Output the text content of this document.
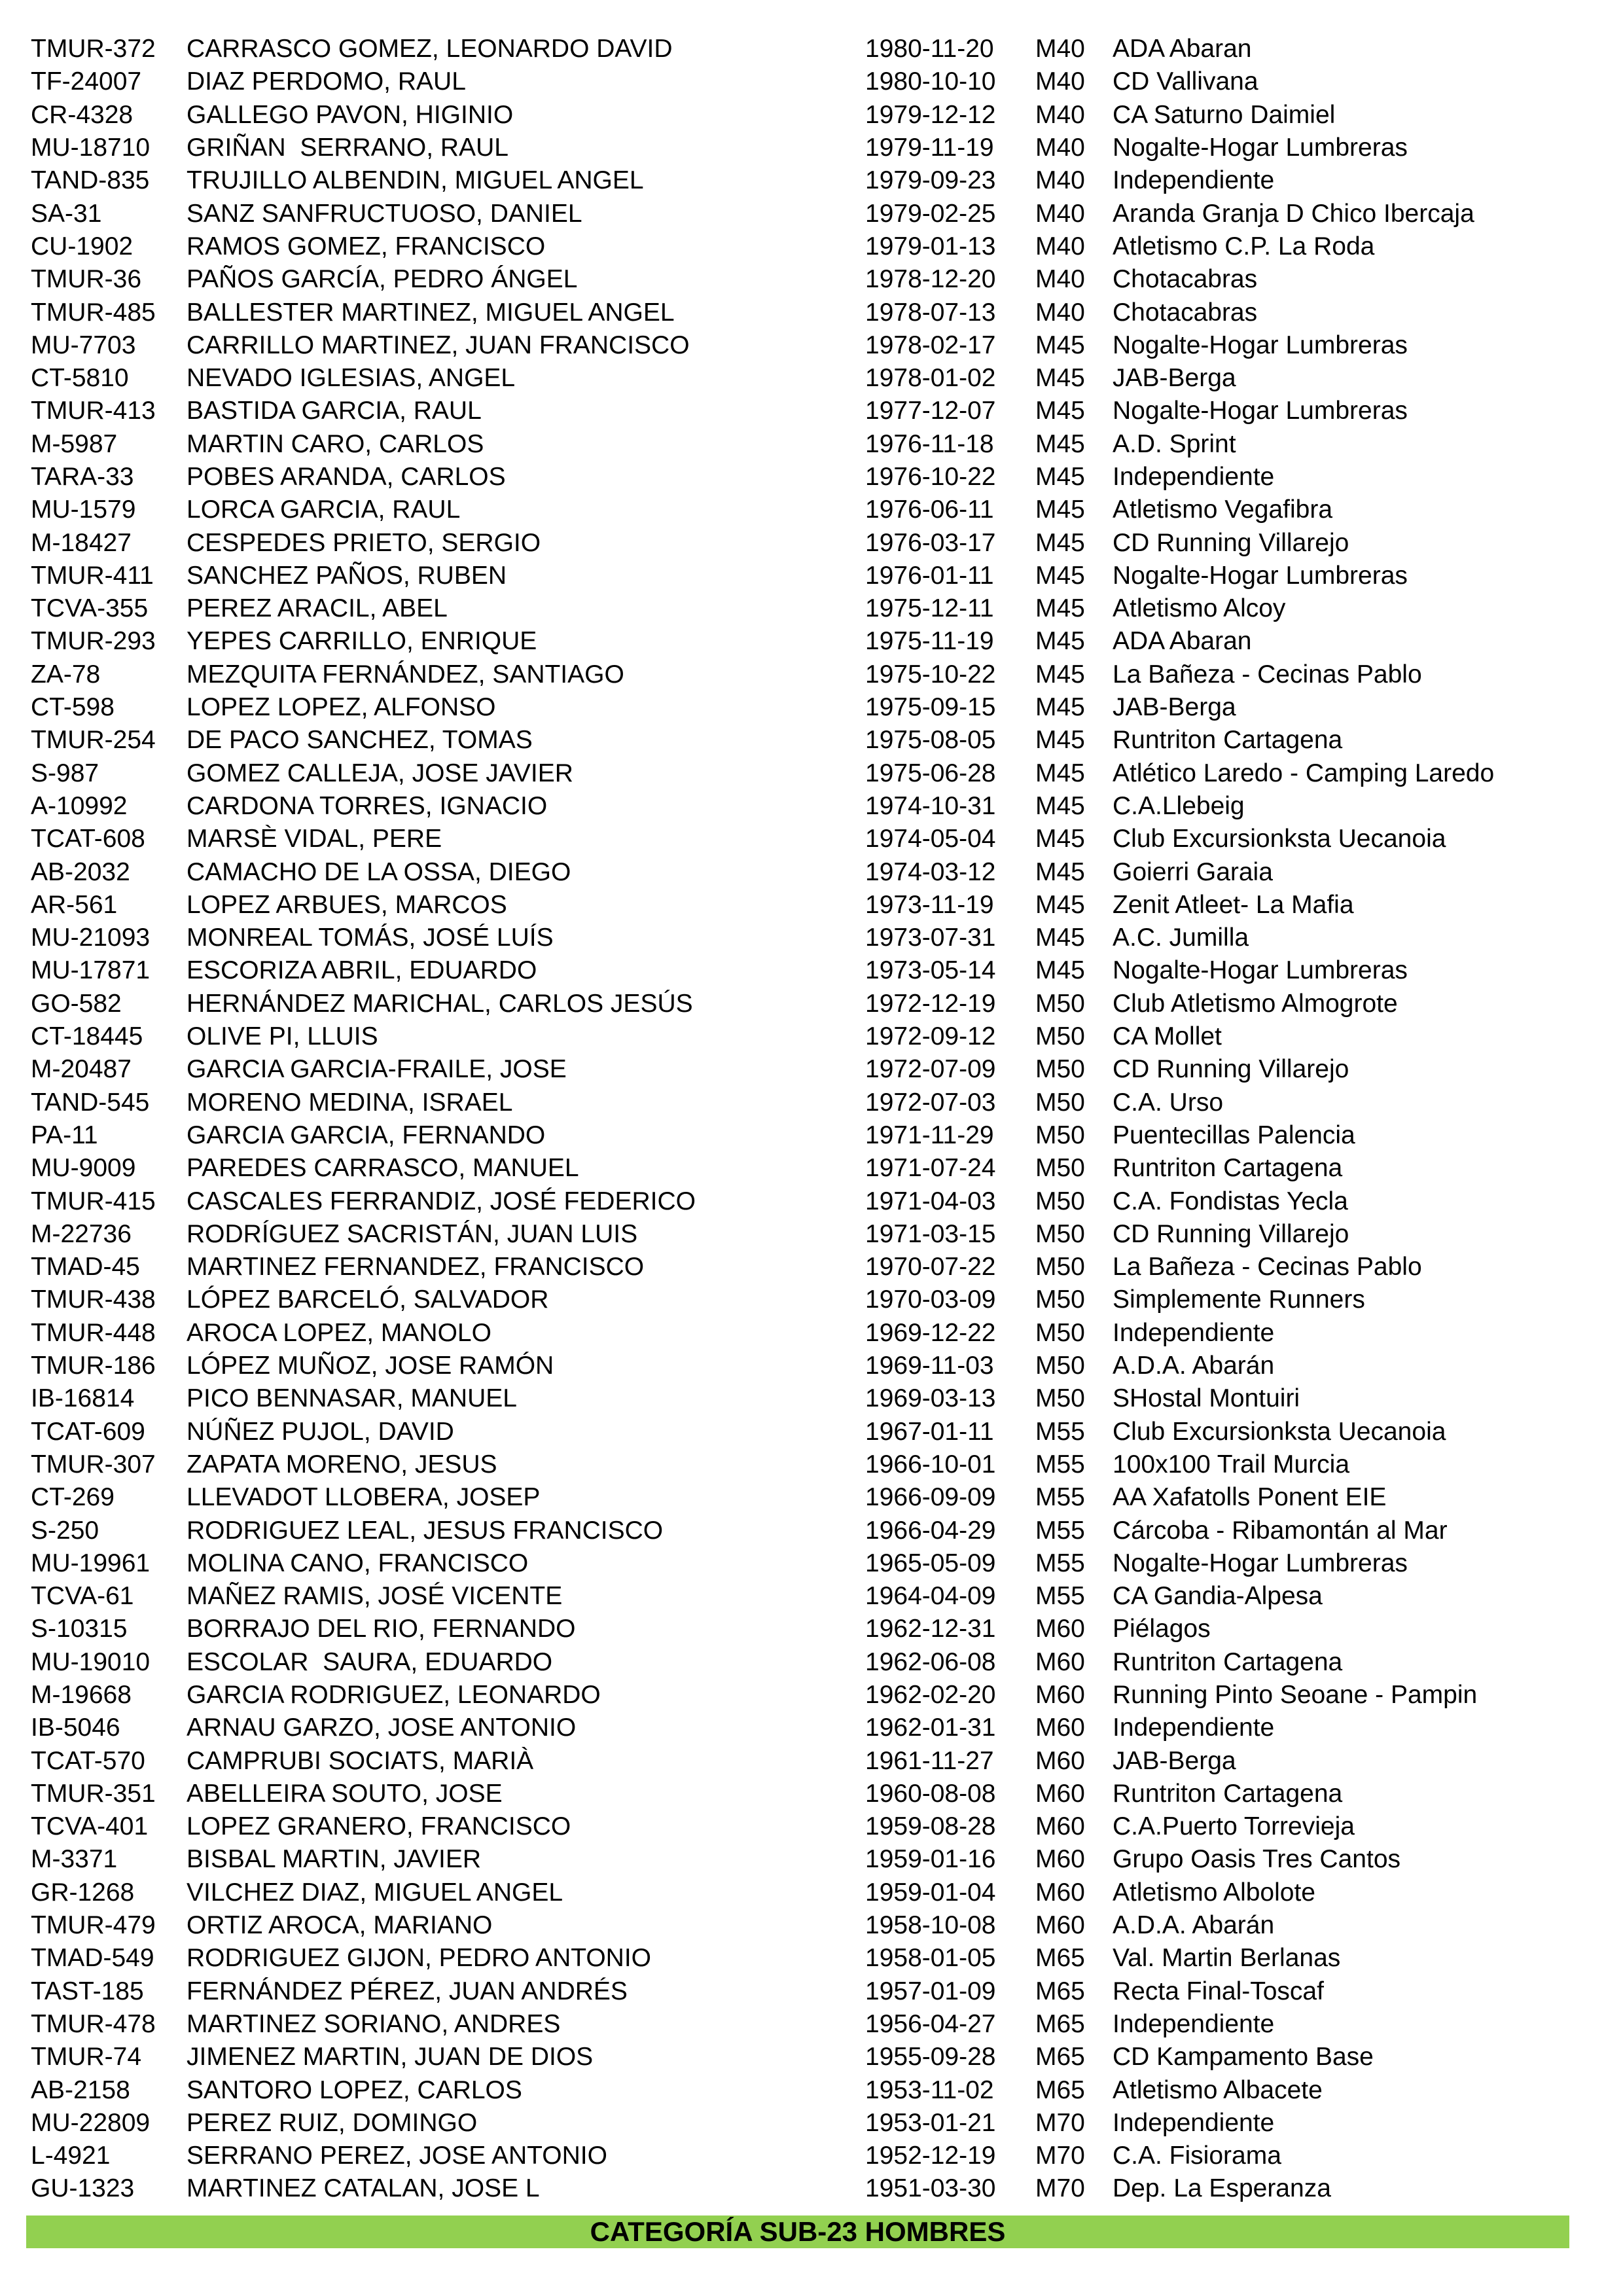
TMUR-372	CARRASCO GOMEZ, LEONARDO DAVID	1980-11-20	M40	ADA Abaran
TF-24007	DIAZ PERDOMO, RAUL	1980-10-10	M40	CD Vallivana
CR-4328	GALLEGO PAVON, HIGINIO	1979-12-12	M40	CA Saturno Daimiel
MU-18710	GRIÑAN  SERRANO, RAUL	1979-11-19	M40	Nogalte-Hogar Lumbreras
TAND-835	TRUJILLO ALBENDIN, MIGUEL ANGEL	1979-09-23	M40	Independiente
SA-31	SANZ SANFRUCTUOSO, DANIEL	1979-02-25	M40	Aranda Granja D Chico Ibercaja
CU-1902	RAMOS GOMEZ, FRANCISCO	1979-01-13	M40	Atletismo C.P. La Roda
TMUR-36	PAÑOS GARCÍA, PEDRO ÁNGEL	1978-12-20	M40	Chotacabras
TMUR-485	BALLESTER MARTINEZ, MIGUEL ANGEL	1978-07-13	M40	Chotacabras
MU-7703	CARRILLO MARTINEZ, JUAN FRANCISCO	1978-02-17	M45	Nogalte-Hogar Lumbreras
CT-5810	NEVADO IGLESIAS, ANGEL	1978-01-02	M45	JAB-Berga
TMUR-413	BASTIDA GARCIA, RAUL	1977-12-07	M45	Nogalte-Hogar Lumbreras
M-5987	MARTIN CARO, CARLOS	1976-11-18	M45	A.D. Sprint
TARA-33	POBES ARANDA, CARLOS	1976-10-22	M45	Independiente
MU-1579	LORCA GARCIA, RAUL	1976-06-11	M45	Atletismo Vegafibra
M-18427	CESPEDES PRIETO, SERGIO	1976-03-17	M45	CD Running Villarejo
TMUR-411	SANCHEZ PAÑOS, RUBEN	1976-01-11	M45	Nogalte-Hogar Lumbreras
TCVA-355	PEREZ ARACIL, ABEL	1975-12-11	M45	Atletismo Alcoy
TMUR-293	YEPES CARRILLO, ENRIQUE	1975-11-19	M45	ADA Abaran
ZA-78	MEZQUITA FERNÁNDEZ, SANTIAGO	1975-10-22	M45	La Bañeza - Cecinas Pablo
CT-598	LOPEZ LOPEZ, ALFONSO	1975-09-15	M45	JAB-Berga
TMUR-254	DE PACO SANCHEZ, TOMAS	1975-08-05	M45	Runtriton Cartagena
S-987	GOMEZ CALLEJA, JOSE JAVIER	1975-06-28	M45	Atlético Laredo - Camping Laredo
A-10992	CARDONA TORRES, IGNACIO	1974-10-31	M45	C.A.Llebeig
TCAT-608	MARSÈ VIDAL, PERE	1974-05-04	M45	Club Excursionksta Uecanoia
AB-2032	CAMACHO DE LA OSSA, DIEGO	1974-03-12	M45	Goierri Garaia
AR-561	LOPEZ ARBUES, MARCOS	1973-11-19	M45	Zenit Atleet- La Mafia
MU-21093	MONREAL TOMÁS, JOSÉ LUÍS	1973-07-31	M45	A.C. Jumilla
MU-17871	ESCORIZA ABRIL, EDUARDO	1973-05-14	M45	Nogalte-Hogar Lumbreras
GO-582	HERNÁNDEZ MARICHAL, CARLOS JESÚS	1972-12-19	M50	Club Atletismo Almogrote
CT-18445	OLIVE PI, LLUIS	1972-09-12	M50	CA Mollet
M-20487	GARCIA GARCIA-FRAILE, JOSE	1972-07-09	M50	CD Running Villarejo
TAND-545	MORENO MEDINA, ISRAEL	1972-07-03	M50	C.A. Urso
PA-11	GARCIA GARCIA, FERNANDO	1971-11-29	M50	Puentecillas Palencia
MU-9009	PAREDES CARRASCO, MANUEL	1971-07-24	M50	Runtriton Cartagena
TMUR-415	CASCALES FERRANDIZ, JOSÉ FEDERICO	1971-04-03	M50	C.A. Fondistas Yecla
M-22736	RODRÍGUEZ SACRISTÁN, JUAN LUIS	1971-03-15	M50	CD Running Villarejo
TMAD-45	MARTINEZ FERNANDEZ, FRANCISCO	1970-07-22	M50	La Bañeza - Cecinas Pablo
TMUR-438	LÓPEZ BARCELÓ, SALVADOR	1970-03-09	M50	Simplemente Runners
TMUR-448	AROCA LOPEZ, MANOLO	1969-12-22	M50	Independiente
TMUR-186	LÓPEZ MUÑOZ, JOSE RAMÓN	1969-11-03	M50	A.D.A. Abarán
IB-16814	PICO BENNASAR, MANUEL	1969-03-13	M50	SHostal Montuiri
TCAT-609	NÚÑEZ PUJOL, DAVID	1967-01-11	M55	Club Excursionksta Uecanoia
TMUR-307	ZAPATA MORENO, JESUS	1966-10-01	M55	100x100 Trail Murcia
CT-269	LLEVADOT LLOBERA, JOSEP	1966-09-09	M55	AA Xafatolls Ponent EIE
S-250	RODRIGUEZ LEAL, JESUS FRANCISCO	1966-04-29	M55	Cárcoba - Ribamontán al Mar
MU-19961	MOLINA CANO, FRANCISCO	1965-05-09	M55	Nogalte-Hogar Lumbreras
TCVA-61	MAÑEZ RAMIS, JOSÉ VICENTE	1964-04-09	M55	CA Gandia-Alpesa
S-10315	BORRAJO DEL RIO, FERNANDO	1962-12-31	M60	Piélagos
MU-19010	ESCOLAR  SAURA, EDUARDO	1962-06-08	M60	Runtriton Cartagena
M-19668	GARCIA RODRIGUEZ, LEONARDO	1962-02-20	M60	Running Pinto Seoane - Pampin
IB-5046	ARNAU GARZO, JOSE ANTONIO	1962-01-31	M60	Independiente
TCAT-570	CAMPRUBI SOCIATS, MARIÀ	1961-11-27	M60	JAB-Berga
TMUR-351	ABELLEIRA SOUTO, JOSE	1960-08-08	M60	Runtriton Cartagena
TCVA-401	LOPEZ GRANERO, FRANCISCO	1959-08-28	M60	C.A.Puerto Torrevieja
M-3371	BISBAL MARTIN, JAVIER	1959-01-16	M60	Grupo Oasis Tres Cantos
GR-1268	VILCHEZ DIAZ, MIGUEL ANGEL	1959-01-04	M60	Atletismo Albolote
TMUR-479	ORTIZ AROCA, MARIANO	1958-10-08	M60	A.D.A. Abarán
TMAD-549	RODRIGUEZ GIJON, PEDRO ANTONIO	1958-01-05	M65	Val. Martin Berlanas
TAST-185	FERNÁNDEZ PÉREZ, JUAN ANDRÉS	1957-01-09	M65	Recta Final-Toscaf
TMUR-478	MARTINEZ SORIANO, ANDRES	1956-04-27	M65	Independiente
TMUR-74	JIMENEZ MARTIN, JUAN DE DIOS	1955-09-28	M65	CD Kampamento Base
AB-2158	SANTORO LOPEZ, CARLOS	1953-11-02	M65	Atletismo Albacete
MU-22809	PEREZ RUIZ, DOMINGO	1953-01-21	M70	Independiente
L-4921	SERRANO PEREZ, JOSE ANTONIO	1952-12-19	M70	C.A. Fisiorama
GU-1323	MARTINEZ CATALAN, JOSE L	1951-03-30	M70	Dep. La Esperanza
CATEGORÍA SUB-23 HOMBRES
